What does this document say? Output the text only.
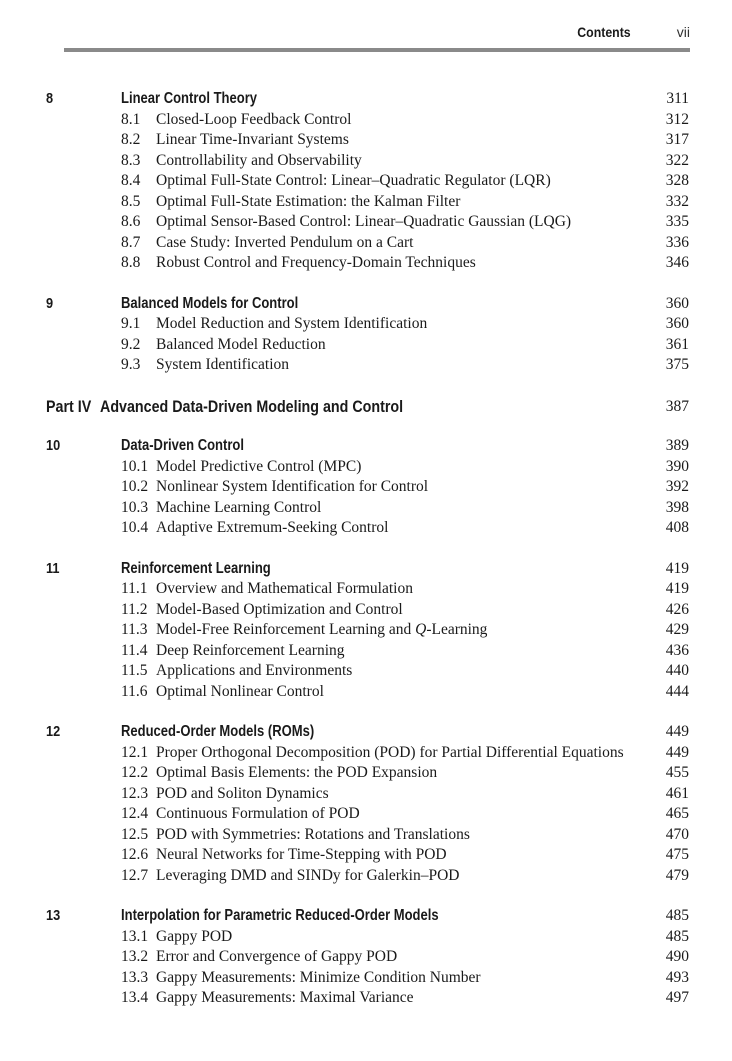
Contents	vii
8	Linear Control Theory	311
8.1 Closed-Loop Feedback Control	312
8.2 Linear Time-Invariant Systems	317
8.3 Controllability and Observability	322
8.4 Optimal Full-State Control: Linear–Quadratic Regulator (LQR)	328
8.5 Optimal Full-State Estimation: the Kalman Filter	332
8.6 Optimal Sensor-Based Control: Linear–Quadratic Gaussian (LQG)	335
8.7 Case Study: Inverted Pendulum on a Cart	336
8.8 Robust Control and Frequency-Domain Techniques	346
9	Balanced Models for Control	360
9.1 Model Reduction and System Identification	360
9.2 Balanced Model Reduction	361
9.3 System Identification	375
Part IV Advanced Data-Driven Modeling and Control	387
10	Data-Driven Control	389
10.1 Model Predictive Control (MPC)	390
10.2 Nonlinear System Identification for Control	392
10.3 Machine Learning Control	398
10.4 Adaptive Extremum-Seeking Control	408
11	Reinforcement Learning	419
11.1 Overview and Mathematical Formulation	419
11.2 Model-Based Optimization and Control	426
11.3 Model-Free Reinforcement Learning and Q-Learning	429
11.4 Deep Reinforcement Learning	436
11.5 Applications and Environments	440
11.6 Optimal Nonlinear Control	444
12	Reduced-Order Models (ROMs)	449
12.1 Proper Orthogonal Decomposition (POD) for Partial Differential Equations	449
12.2 Optimal Basis Elements: the POD Expansion	455
12.3 POD and Soliton Dynamics	461
12.4 Continuous Formulation of POD	465
12.5 POD with Symmetries: Rotations and Translations	470
12.6 Neural Networks for Time-Stepping with POD	475
12.7 Leveraging DMD and SINDy for Galerkin–POD	479
13	Interpolation for Parametric Reduced-Order Models	485
13.1 Gappy POD	485
13.2 Error and Convergence of Gappy POD	490
13.3 Gappy Measurements: Minimize Condition Number	493
13.4 Gappy Measurements: Maximal Variance	497
